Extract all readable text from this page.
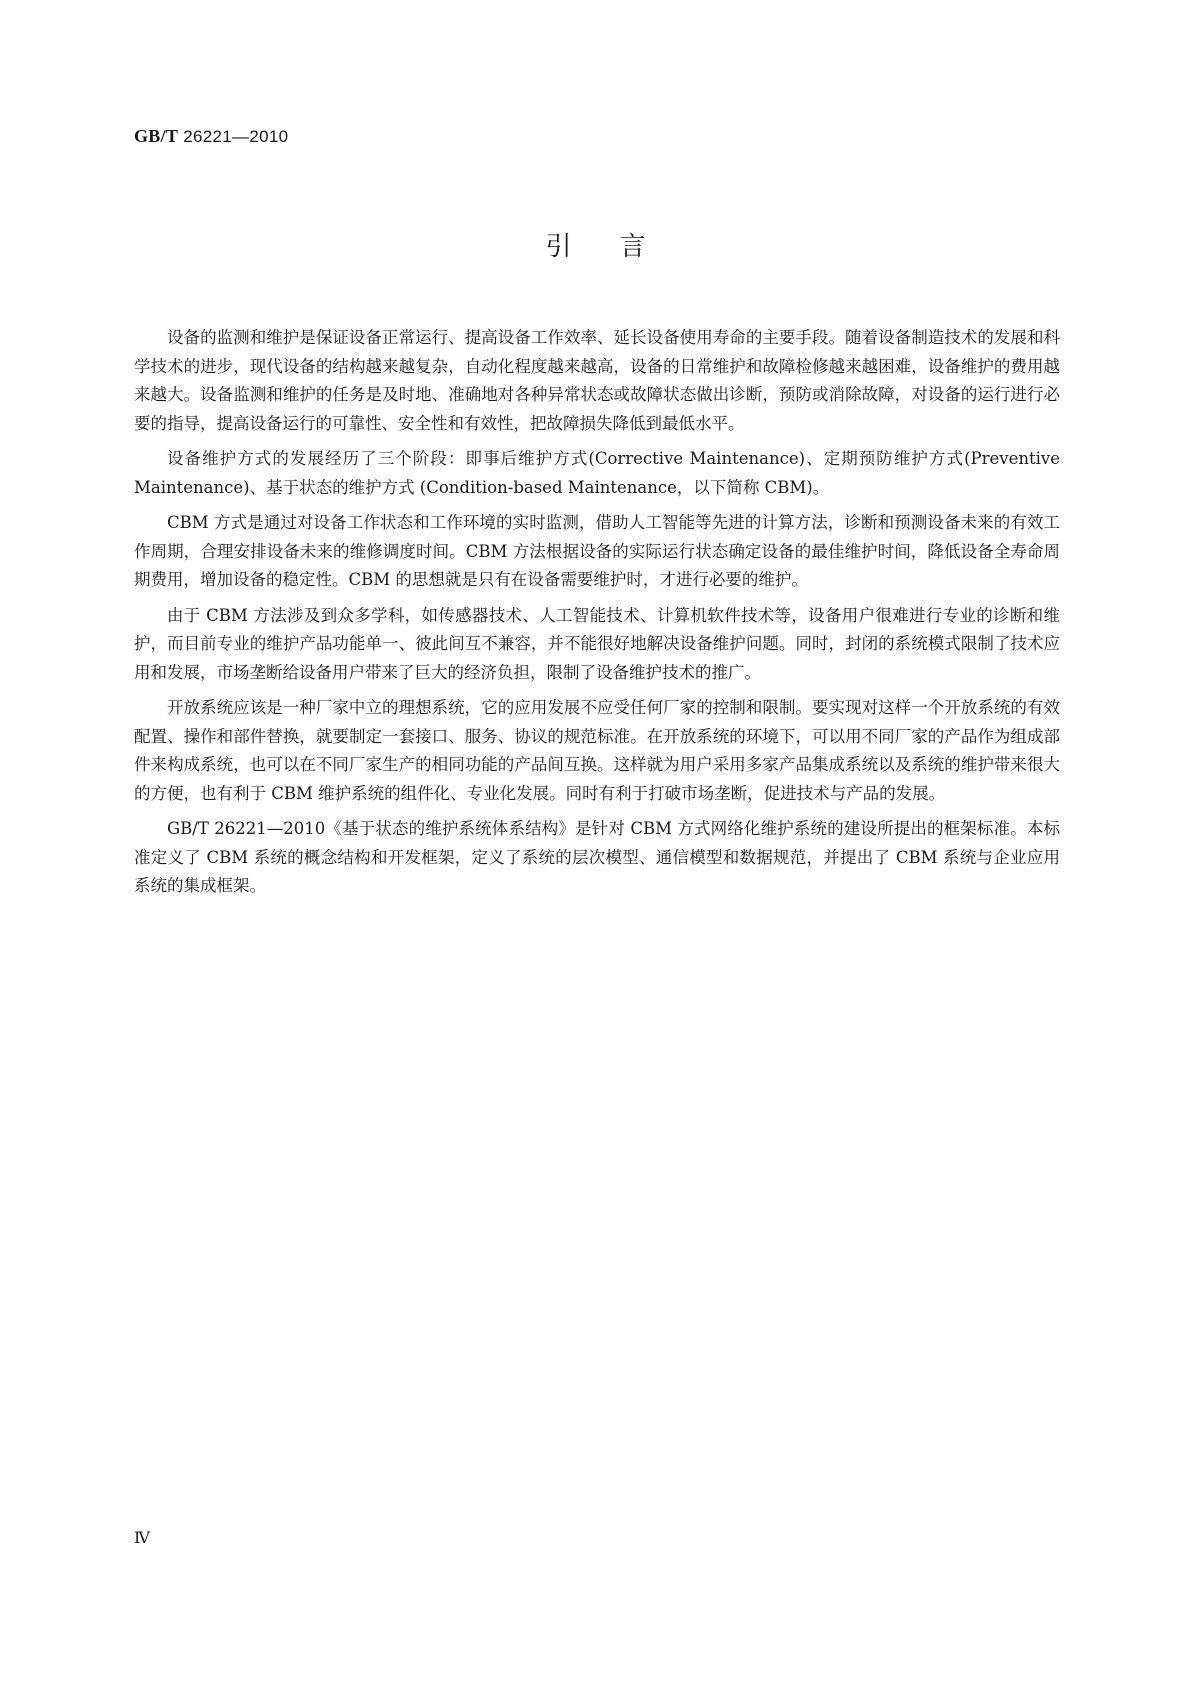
GB/T 26221—2010
引言

设备的监测和维护是保证设备正常运行、提高设备工作效率、延长设备使用寿命的主要手段。随着设备制造技术的发展和科学技术的进步，现代设备的结构越来越复杂，自动化程度越来越高，设备的日常维护和故障检修越来越困难，设备维护的费用越来越大。设备监测和维护的任务是及时地、准确地对各种异常状态或故障状态做出诊断，预防或消除故障，对设备的运行进行必要的指导，提高设备运行的可靠性、安全性和有效性，把故障损失降低到最低水平。

设备维护方式的发展经历了三个阶段：即事后维护方式(Corrective Maintenance)、定期预防维护方式(Preventive Maintenance)、基于状态的维护方式 (Condition-based Maintenance，以下简称 CBM)。

CBM 方式是通过对设备工作状态和工作环境的实时监测，借助人工智能等先进的计算方法，诊断和预测设备未来的有效工作周期，合理安排设备未来的维修调度时间。CBM 方法根据设备的实际运行状态确定设备的最佳维护时间，降低设备全寿命周期费用，增加设备的稳定性。CBM 的思想就是只有在设备需要维护时，才进行必要的维护。

由于 CBM 方法涉及到众多学科，如传感器技术、人工智能技术、计算机软件技术等，设备用户很难进行专业的诊断和维护，而目前专业的维护产品功能单一、彼此间互不兼容，并不能很好地解决设备维护问题。同时，封闭的系统模式限制了技术应用和发展，市场垄断给设备用户带来了巨大的经济负担，限制了设备维护技术的推广。

开放系统应该是一种厂家中立的理想系统，它的应用发展不应受任何厂家的控制和限制。要实现对这样一个开放系统的有效配置、操作和部件替换，就要制定一套接口、服务、协议的规范标准。在开放系统的环境下，可以用不同厂家的产品作为组成部件来构成系统，也可以在不同厂家生产的相同功能的产品间互换。这样就为用户采用多家产品集成系统以及系统的维护带来很大的方便，也有利于 CBM 维护系统的组件化、专业化发展。同时有利于打破市场垄断，促进技术与产品的发展。

GB/T 26221—2010《基于状态的维护系统体系结构》是针对 CBM 方式网络化维护系统的建设所提出的框架标准。本标准定义了 CBM 系统的概念结构和开发框架，定义了系统的层次模型、通信模型和数据规范，并提出了 CBM 系统与企业应用系统的集成框架。

Ⅳ
